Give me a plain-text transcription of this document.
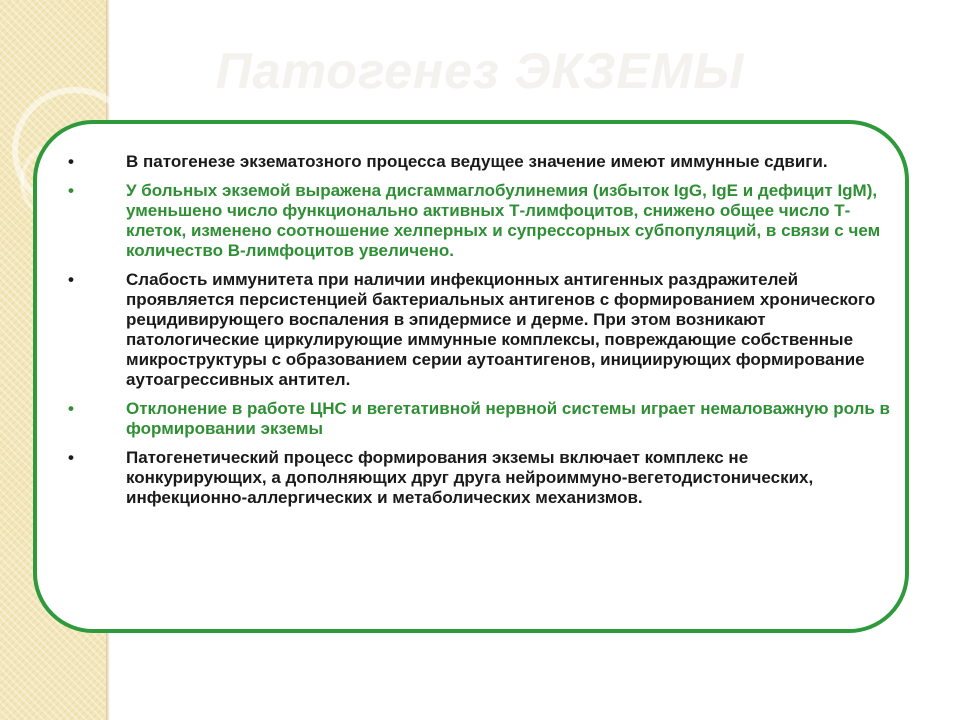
Патогенез ЭКЗЕМЫ
•	В патогенезе экзематозного процесса ведущее значение имеют иммунные сдвиги.
•	У больных экземой выражена дисгаммаглобулинемия (избыток IgG, IgE и дефицит IgM), уменьшено число функционально активных Т-лимфоцитов, снижено общее число Т-клеток, изменено соотношение хелперных и супрессорных субпопуляций, в связи с чем количество В-лимфоцитов увеличено.
•	Слабость иммунитета при наличии инфекционных антигенных раздражителей проявляется персистенцией бактериальных антигенов с формированием хронического рецидивирующего воспаления в эпидермисе и дерме. При этом возникают патологические циркулирующие иммунные комплексы, повреждающие собственные микроструктуры с образованием серии аутоантигенов, инициирующих формирование аутоагрессивных антител.
•	Отклонение в работе ЦНС и вегетативной нервной системы играет немаловажную роль в формировании экземы
•	Патогенетический процесс формирования экземы включает комплекс не конкурирующих, а дополняющих друг друга нейроиммуно-вегетодистонических, инфекционно-аллергических и метаболических механизмов.
